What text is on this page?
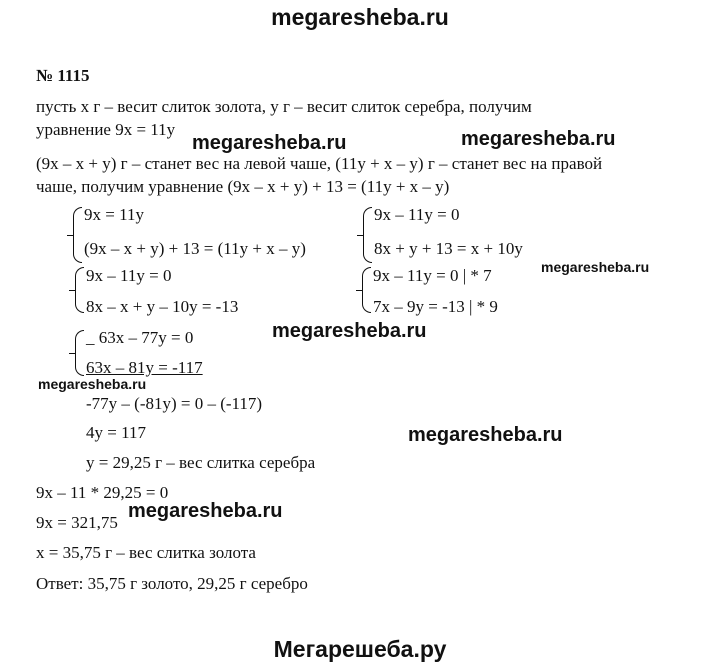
megaresheba.ru
№ 1115
пусть х г – весит слиток золота, у г – весит слиток серебра, получим
уравнение 9х = 11у
megaresheba.ru	megaresheba.ru
(9х – х + у) г – станет вес на левой чаше, (11у + х – у) г – станет вес на правой
чаше, получим уравнение (9х – х + у) + 13 = (11у + х – у)
9х = 11у
(9х – х + у) + 13 = (11у + х – у)
9х – 11у = 0
8х + у + 13 = х + 10у
megaresheba.ru
9х – 11у = 0
8х – х + у – 10у = -13
9х – 11у = 0 | * 7
7х – 9у = -13 | * 9
megaresheba.ru
_ 63х – 77у = 0
63х – 81у = -117
megaresheba.ru
-77у – (-81у) = 0 – (-117)
4у = 117
у = 29,25 г – вес слитка серебра
megaresheba.ru
9х – 11 * 29,25 = 0
9х = 321,75
megaresheba.ru
х = 35,75 г – вес слитка золота
Ответ: 35,75 г золото, 29,25 г серебро
Мегарешеба.ру
